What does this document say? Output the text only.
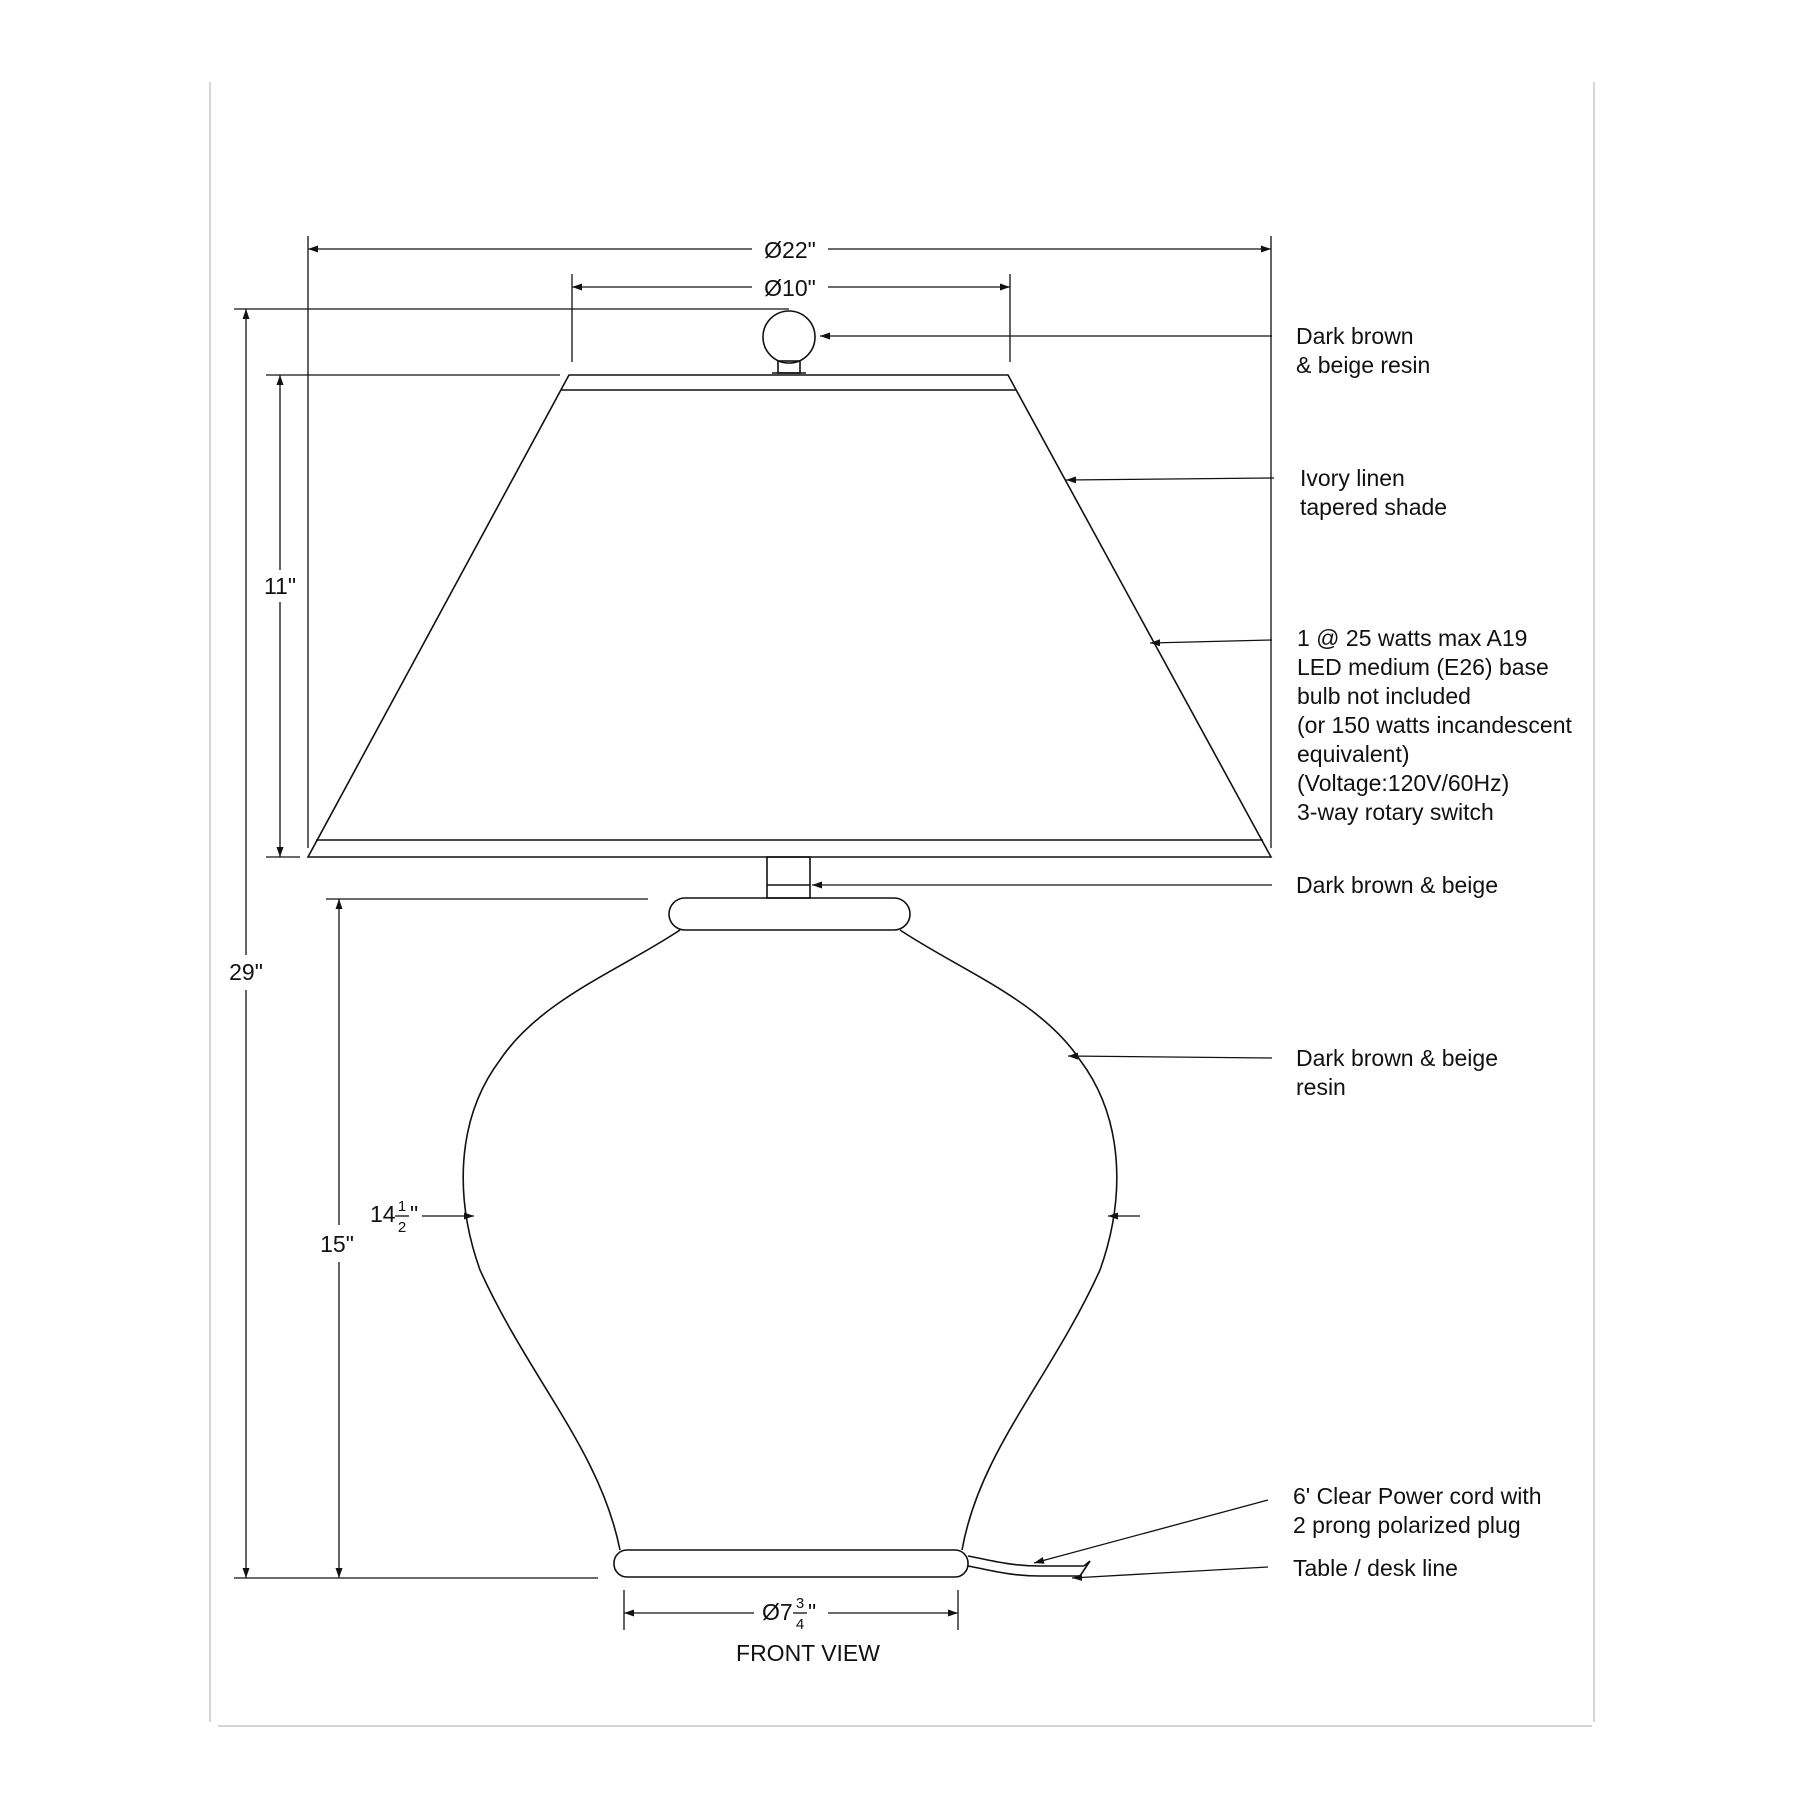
Ø22"
Ø10"
11"
29"
15"
14 1
2
"
Ø7 3
4 "
Dark brown & beige resin
Ivory linen tapered shade
1 @ 25 watts max A19 LED medium (E26) base bulb not included (or 150 watts incandescent equivalent) (Voltage:120V/60Hz) 3-way rotary switch
Dark brown & beige
Dark brown & beige resin
6' Clear Power cord with 2 prong polarized plug
Table / desk line
FRONT VIEW
